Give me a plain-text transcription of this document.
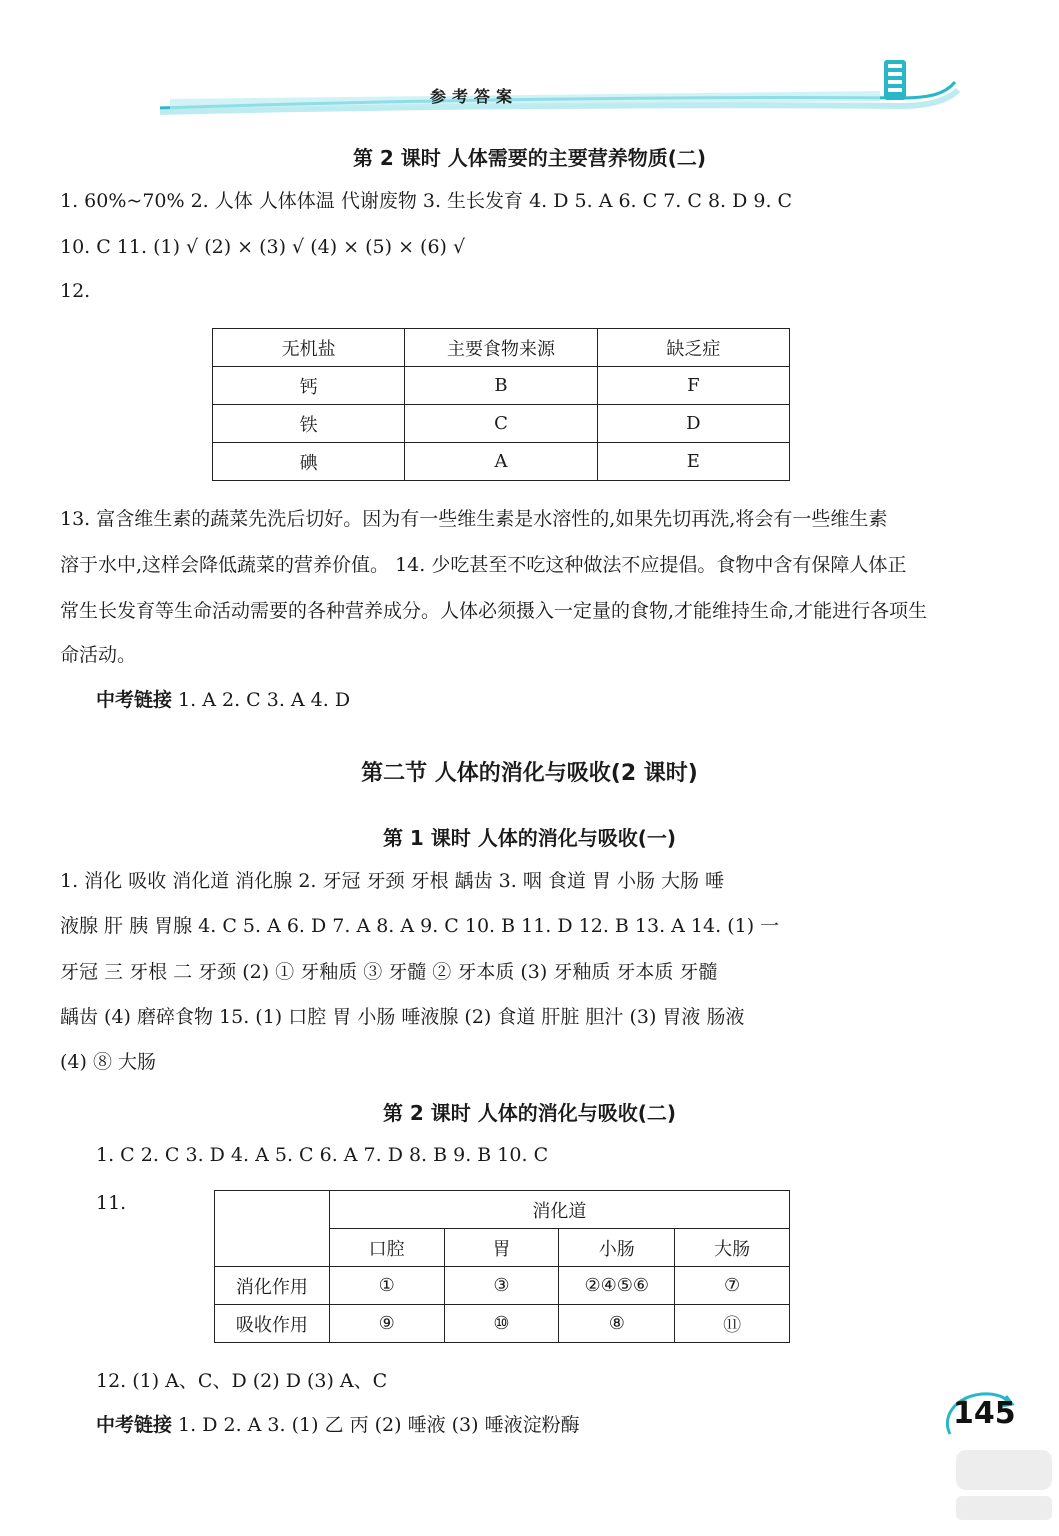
参考答案
第 2 课时 人体需要的主要营养物质(二)
1. 60%~70% 2. 人体 人体体温 代谢废物 3. 生长发育 4. D 5. A 6. C 7. C 8. D 9. C
10. C 11. (1) √ (2) × (3) √ (4) × (5) × (6) √
12.
无机盐	主要食物来源	缺乏症
钙	B	F
铁	C	D
碘	A	E
13. 富含维生素的蔬菜先洗后切好。因为有一些维生素是水溶性的,如果先切再洗,将会有一些维生素
溶于水中,这样会降低蔬菜的营养价值。 14. 少吃甚至不吃这种做法不应提倡。食物中含有保障人体正
常生长发育等生命活动需要的各种营养成分。人体必须摄入一定量的食物,才能维持生命,才能进行各项生
命活动。
中考链接 1. A 2. C 3. A 4. D
第二节 人体的消化与吸收(2 课时)
第 1 课时 人体的消化与吸收(一)
1. 消化 吸收 消化道 消化腺 2. 牙冠 牙颈 牙根 龋齿 3. 咽 食道 胃 小肠 大肠 唾
液腺 肝 胰 胃腺 4. C 5. A 6. D 7. A 8. A 9. C 10. B 11. D 12. B 13. A 14. (1) 一
牙冠 三 牙根 二 牙颈 (2) ① 牙釉质 ③ 牙髓 ② 牙本质 (3) 牙釉质 牙本质 牙髓
龋齿 (4) 磨碎食物 15. (1) 口腔 胃 小肠 唾液腺 (2) 食道 肝脏 胆汁 (3) 胃液 肠液
(4) ⑧ 大肠
第 2 课时 人体的消化与吸收(二)
1. C 2. C 3. D 4. A 5. C 6. A 7. D 8. B 9. B 10. C
11.
		消化道			
	口腔	胃	小肠	大肠
消化作用	①	③	②④⑤⑥	⑦
吸收作用	⑨	⑩	⑧	⑪
12. (1) A、C、D (2) D (3) A、C
中考链接 1. D 2. A 3. (1) 乙 丙 (2) 唾液 (3) 唾液淀粉酶	145
